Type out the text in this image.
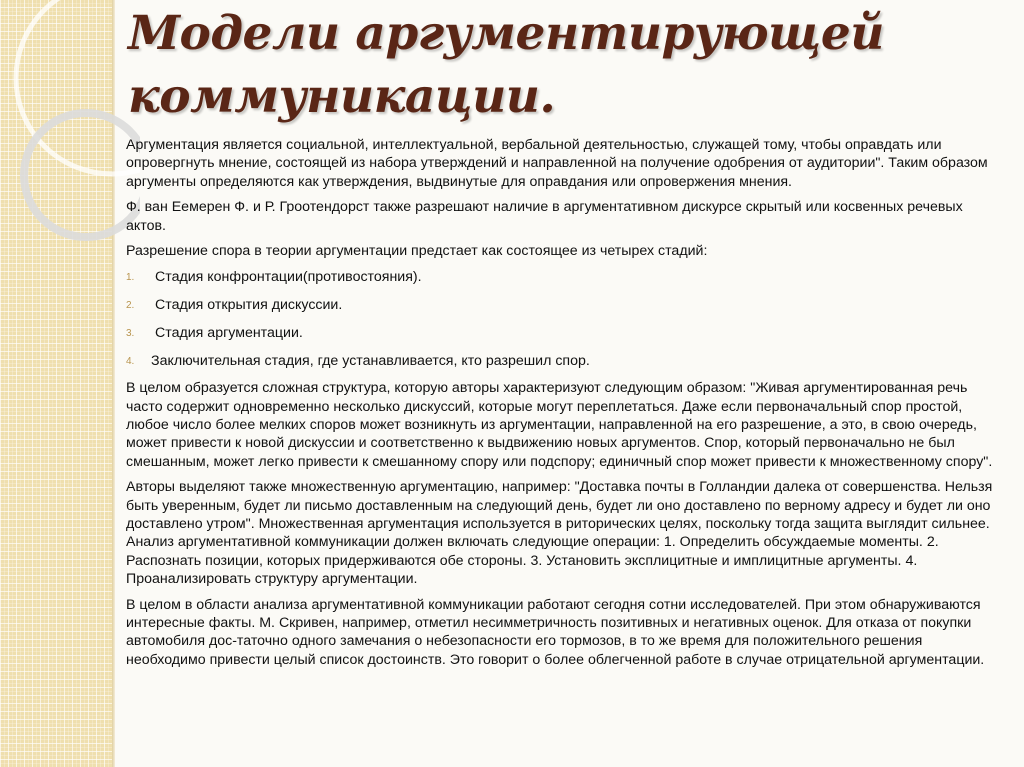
Модели аргументирующей
коммуникации.

Аргументация является социальной, интеллектуальной, вербальной деятельностью, служащей тому, чтобы оправдать или опровергнуть мнение, состоящей из набора утверждений и направленной на получение одобрения от аудитории". Таким образом аргументы определяются как утверждения, выдвинутые для оправдания или опровержения мнения.

Ф. ван Еемерен Ф. и Р. Гроотендорст также разрешают наличие в аргументативном дискурсе скрытый или косвенных речевых актов.

Разрешение спора в теории аргументации предстает как состоящее из четырех стадий:

1. Стадия конфронтации(противостояния).
2. Стадия открытия дискуссии.
3. Стадия аргументации.
4. Заключительная стадия, где устанавливается, кто разрешил спор.

В целом образуется сложная структура, которую авторы характеризуют следующим образом: "Живая аргументированная речь часто содержит одновременно несколько дискуссий, которые могут переплетаться. Даже если первоначальный спор простой, любое число более мелких споров может возникнуть из аргументации, направленной на его разрешение, а это, в свою очередь, может привести к новой дискуссии и соответственно к выдвижению новых аргументов. Спор, который первоначально не был смешанным, может легко привести к смешанному спору или подспору; единичный спор может привести к множественному спору".

Авторы выделяют также множественную аргументацию, например: "Доставка почты в Голландии далека от совершенства. Нельзя быть уверенным, будет ли письмо доставленным на следующий день, будет ли оно доставлено по верному адресу и будет ли оно доставлено утром". Множественная аргументация используется в риторических целях, поскольку тогда защита выглядит сильнее. Анализ аргументативной коммуникации должен включать следующие операции: 1. Определить обсуждаемые моменты. 2. Распознать позиции, которых придерживаются обе стороны. 3. Установить эксплицитные и имплицитные аргументы. 4. Проанализировать структуру аргументации.

В целом в области анализа аргументативной коммуникации работают сегодня сотни исследователей. При этом обнаруживаются интересные факты. М. Скривен, например, отметил несимметричность позитивных и негативных оценок. Для отказа от покупки автомобиля дос-таточно одного замечания о небезопасности его тормозов, в то же время для положительного решения необходимо привести целый список достоинств. Это говорит о более облегченной работе в случае отрицательной аргументации.
